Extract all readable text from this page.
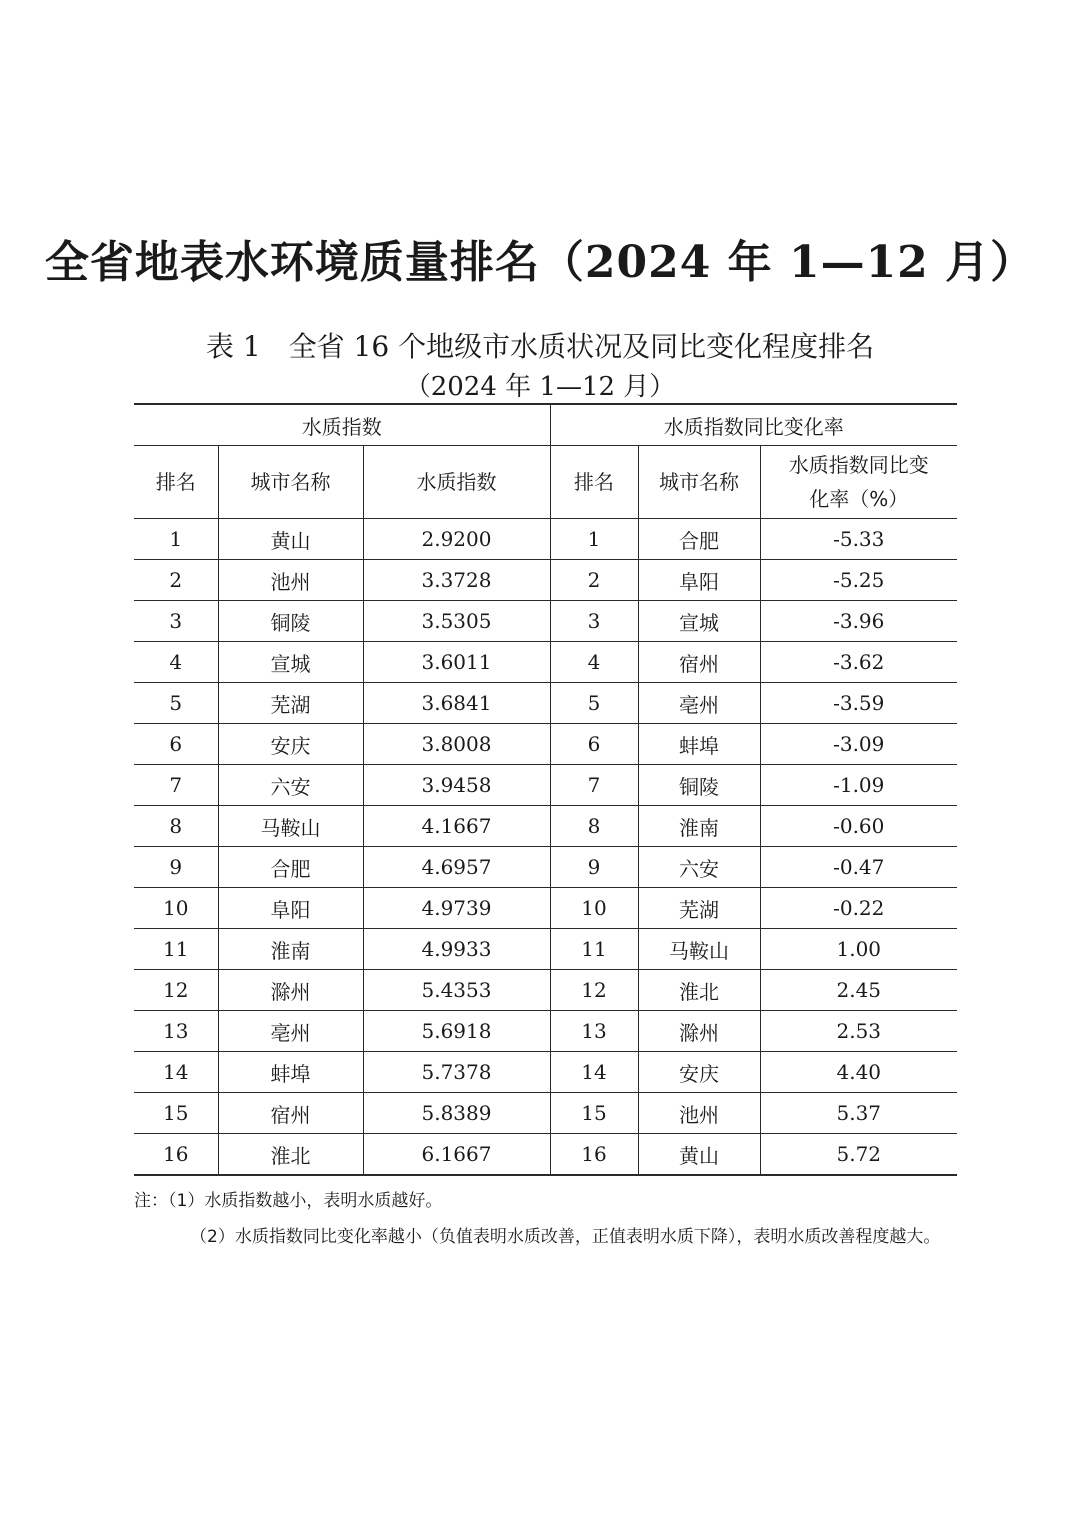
全省地表水环境质量排名（2024 年 1—12 月）
表 1　全省 16 个地级市水质状况及同比变化程度排名
（2024 年 1—12 月）
水质指数			水质指数同比变化率		
排名	城市名称	水质指数	排名	城市名称	水质指数同比变化率（%）

1	黄山	2.9200	1	合肥	-5.33
2	池州	3.3728	2	阜阳	-5.25
3	铜陵	3.5305	3	宣城	-3.96
4	宣城	3.6011	4	宿州	-3.62
5	芜湖	3.6841	5	亳州	-3.59
6	安庆	3.8008	6	蚌埠	-3.09
7	六安	3.9458	7	铜陵	-1.09
8	马鞍山	4.1667	8	淮南	-0.60
9	合肥	4.6957	9	六安	-0.47
10	阜阳	4.9739	10	芜湖	-0.22
11	淮南	4.9933	11	马鞍山	1.00
12	滁州	5.4353	12	淮北	2.45
13	亳州	5.6918	13	滁州	2.53
14	蚌埠	5.7378	14	安庆	4.40
15	宿州	5.8389	15	池州	5.37
16	淮北	6.1667	16	黄山	5.72

注：（1）水质指数越小，表明水质越好。

（2）水质指数同比变化率越小（负值表明水质改善，正值表明水质下降），表明水质改善程度越大。
